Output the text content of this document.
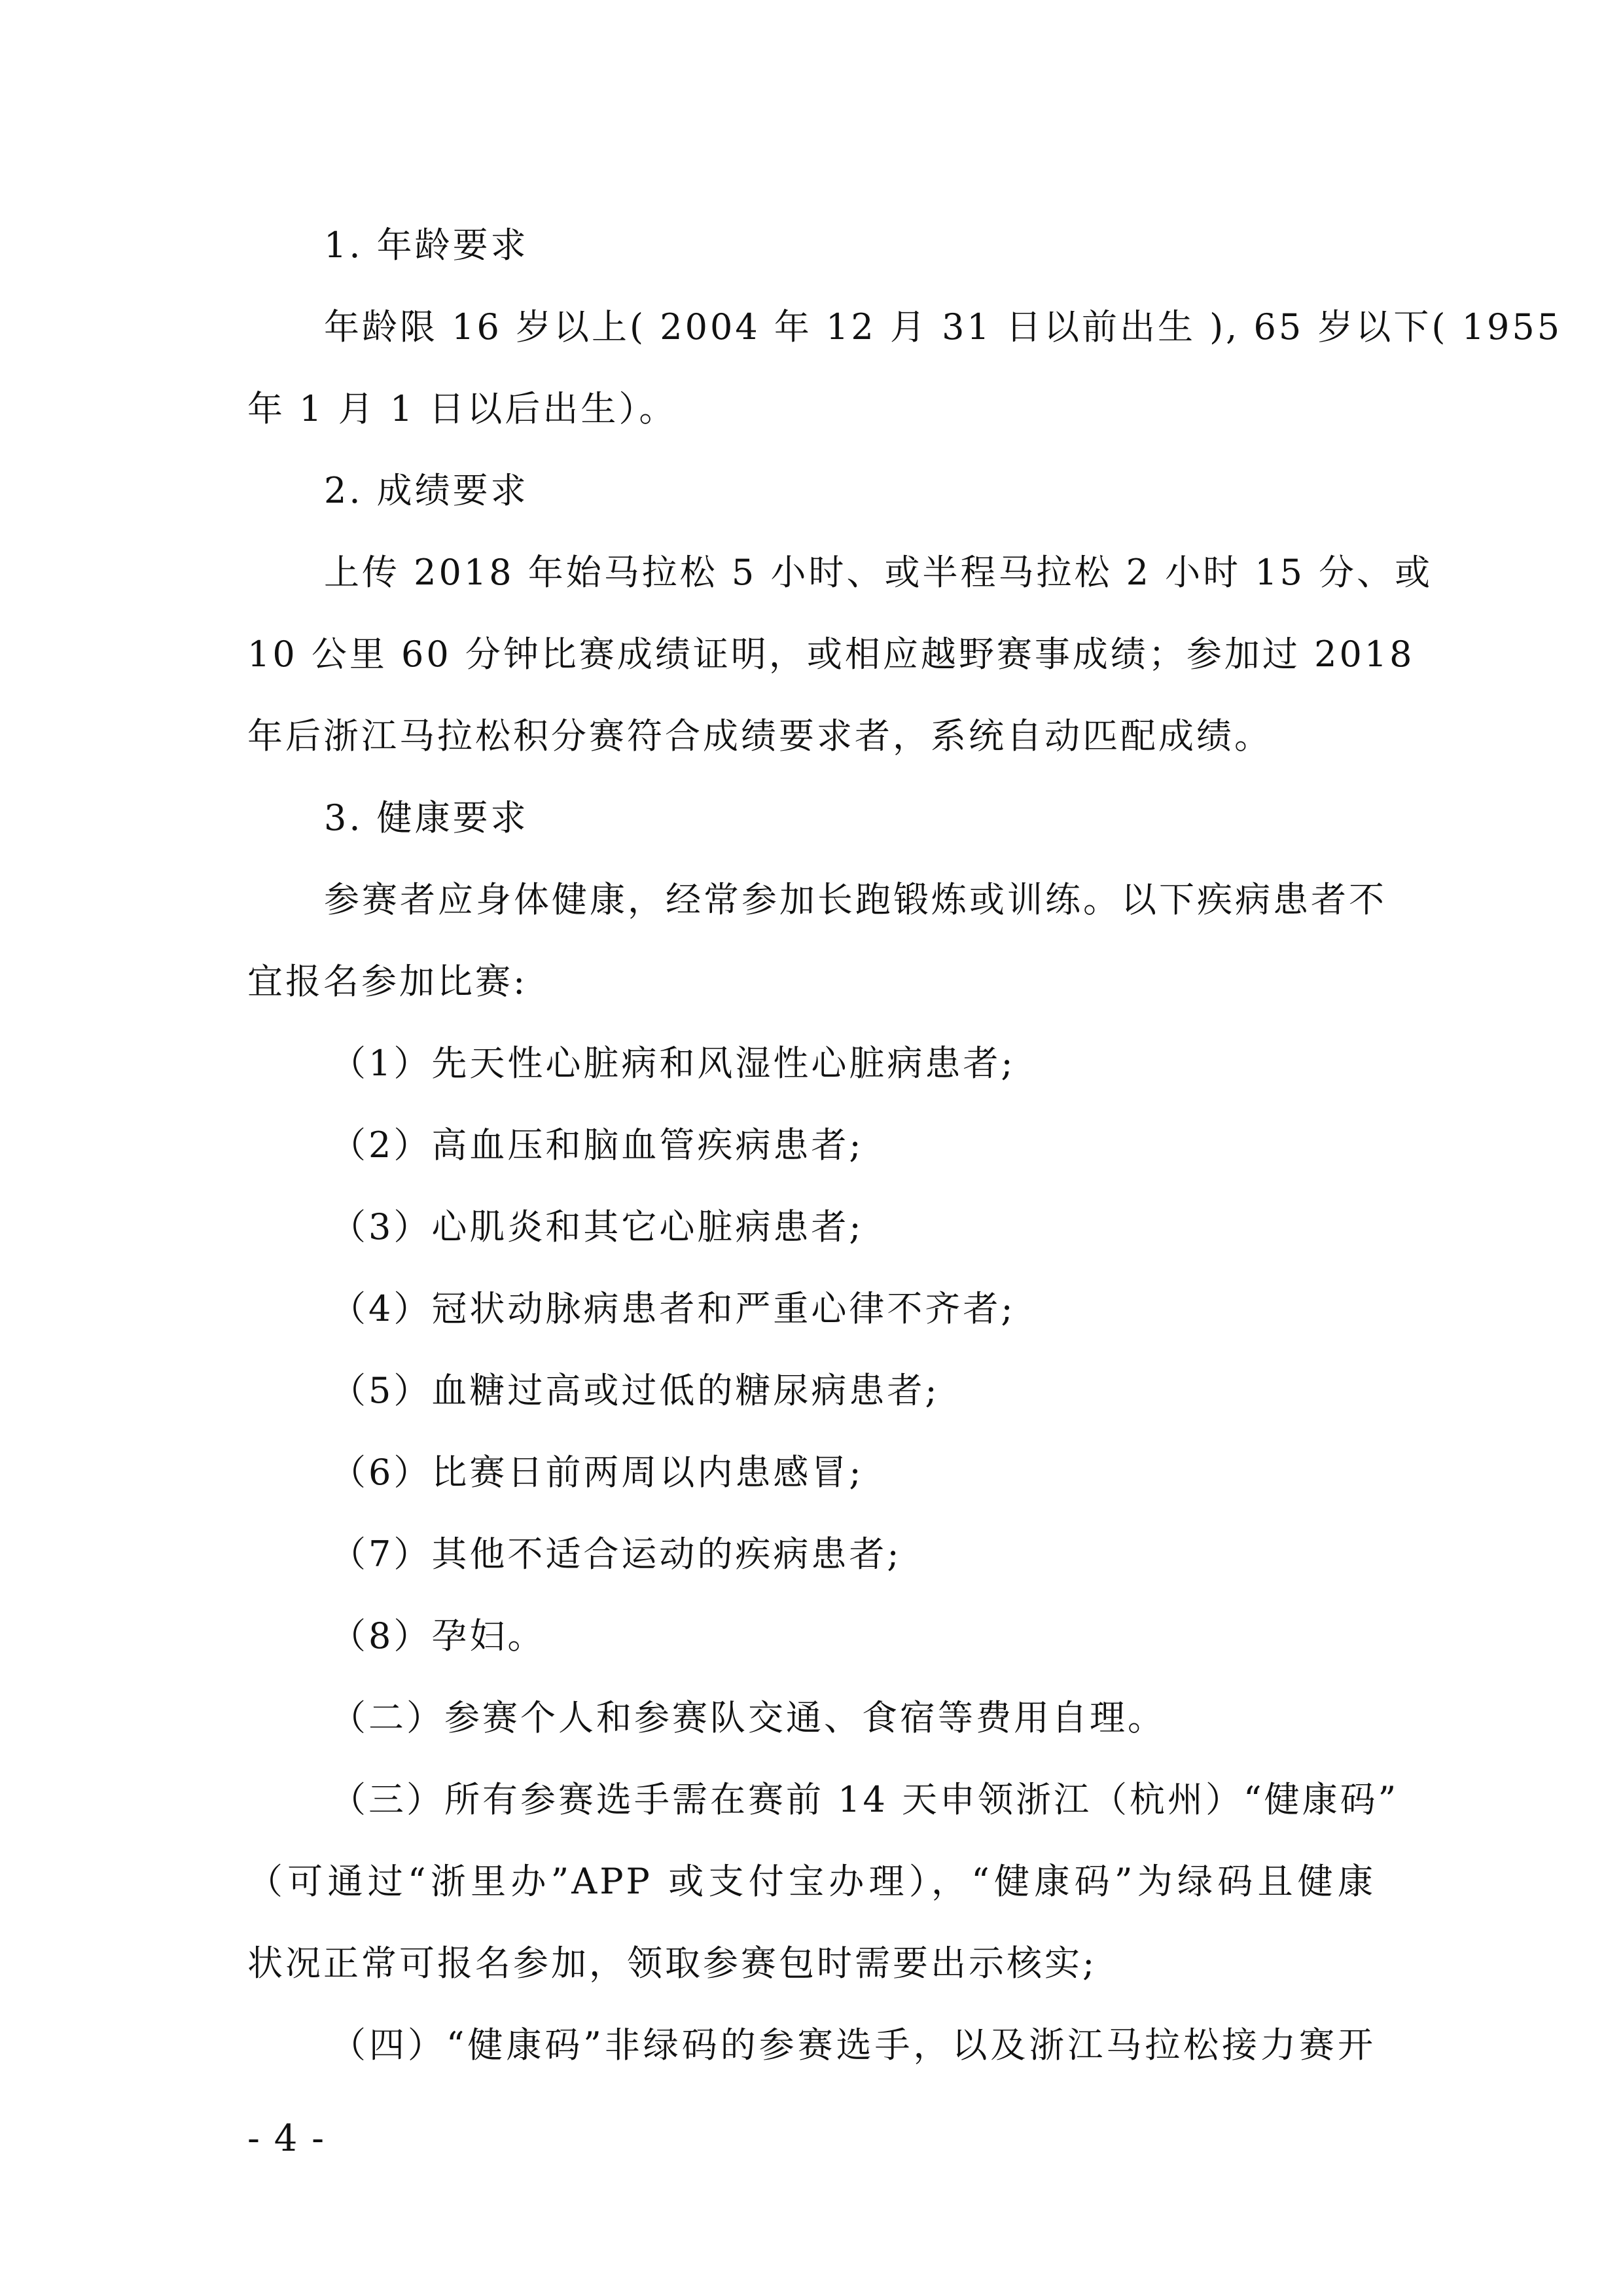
1. 年龄要求
年龄限 16 岁以上( 2004 年 12 月 31 日以前出生 ), 65 岁以下( 1955
年 1 月 1 日以后出生）。
2. 成绩要求
上传 2018 年始马拉松 5 小时、或半程马拉松 2 小时 15 分、或
10 公里 60 分钟比赛成绩证明，或相应越野赛事成绩；参加过 2018
年后浙江马拉松积分赛符合成绩要求者，系统自动匹配成绩。
3. 健康要求
参赛者应身体健康，经常参加长跑锻炼或训练。以下疾病患者不
宜报名参加比赛:
（1）先天性心脏病和风湿性心脏病患者;
（2）高血压和脑血管疾病患者;
（3）心肌炎和其它心脏病患者;
（4）冠状动脉病患者和严重心律不齐者;
（5）血糖过高或过低的糖尿病患者;
（6）比赛日前两周以内患感冒;
（7）其他不适合运动的疾病患者;
（8）孕妇。
（二）参赛个人和参赛队交通、食宿等费用自理。
（三）所有参赛选手需在赛前 14 天申领浙江（杭州）“健康码”
（可通过“浙里办”APP 或支付宝办理），“健康码”为绿码且健康
状况正常可报名参加，领取参赛包时需要出示核实;
（四）“健康码”非绿码的参赛选手，以及浙江马拉松接力赛开
- 4 -
